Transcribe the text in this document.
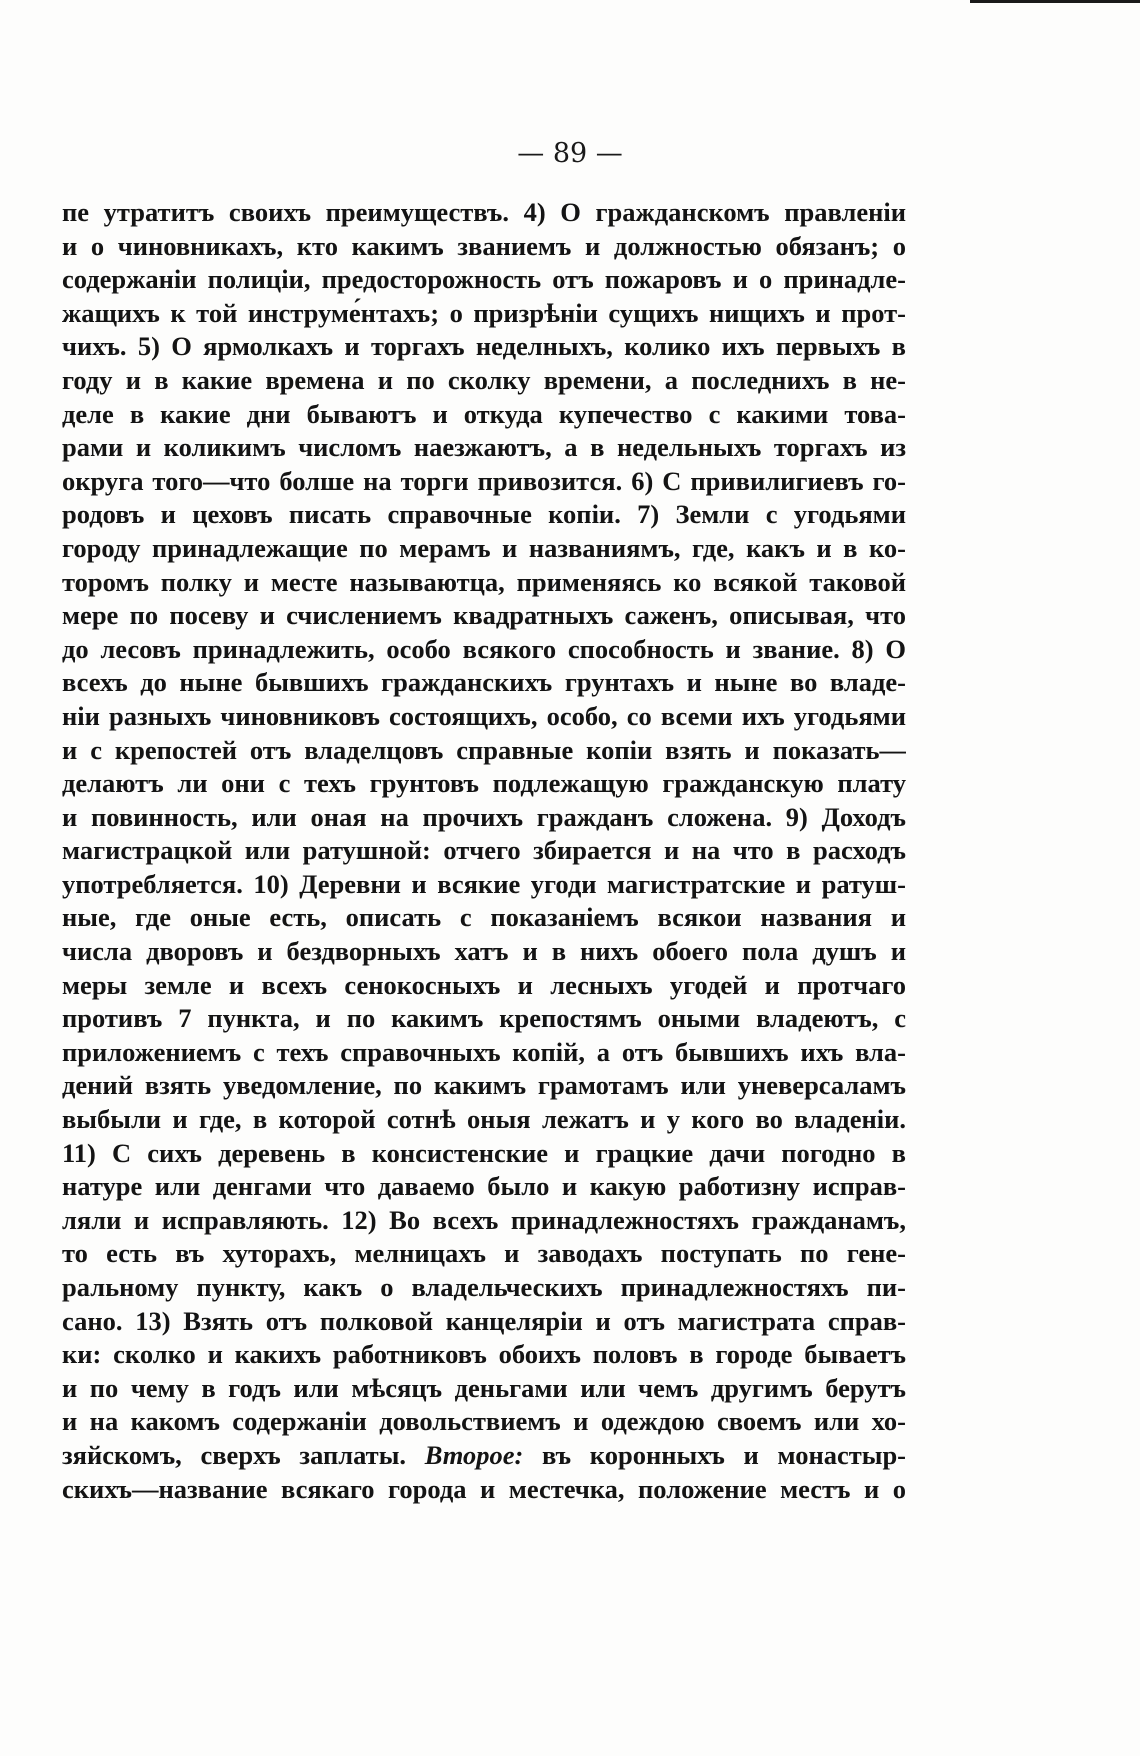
— 89 —
пе утратитъ своихъ преимуществъ. 4) О гражданскомъ правленіи
и о чиновникахъ, кто какимъ званиемъ и должностью обязанъ; о
содержаніи полиціи, предосторожность отъ пожаровъ и о принадле-
жащихъ к той инструме́нтахъ; о призрѣніи сущихъ нищихъ и прот-
чихъ. 5) О ярмолкахъ и торгахъ неделныхъ, колико ихъ первыхъ в
году и в какие времена и по сколку времени, а последнихъ в не-
деле в какие дни бываютъ и откуда купечество с какими това-
рами и коликимъ числомъ наезжаютъ, а в недельныхъ торгахъ из
округа того—что болше на торги привозится. 6) С привилигиевъ го-
родовъ и цеховъ писать справочные копіи. 7) Земли с угодьями
городу принадлежащие по мерамъ и названиямъ, где, какъ и в ко-
торомъ полку и месте называютца, применяясь ко всякой таковой
мере по посеву и счислениемъ квадратныхъ саженъ, описывая, что
до лесовъ принадлежить, особо всякого способность и звание. 8) О
всехъ до ныне бывшихъ гражданскихъ грунтахъ и ныне во владе-
ніи разныхъ чиновниковъ состоящихъ, особо, со всеми ихъ угодьями
и с крепостей отъ владелцовъ справные копіи взять и показать—
делаютъ ли они с техъ грунтовъ подлежащую гражданскую плату
и повинность, или оная на прочихъ гражданъ сложена. 9) Доходъ
магистрацкой или ратушной: отчего збирается и на что в расходъ
употребляется. 10) Деревни и всякие угоди магистратские и ратуш-
ные, где оные есть, описать с показаніемъ всякои названия и
числа дворовъ и бездворныхъ хатъ и в нихъ обоего пола душъ и
меры земле и всехъ сенокосныхъ и лесныхъ угодей и протчаго
противъ 7 пункта, и по какимъ крепостямъ оными владеютъ, с
приложениемъ с техъ справочныхъ копій, а отъ бывшихъ ихъ вла-
дений взять уведомление, по какимъ грамотамъ или уневерсаламъ
выбыли и где, в которой сотнѣ оныя лежатъ и у кого во владеніи.
11) С сихъ деревень в консистенские и грацкие дачи погодно в
натуре или денгами что даваемо было и какую работизну исправ-
ляли и исправляють. 12) Во всехъ принадлежностяхъ гражданамъ,
то есть въ хуторахъ, мелницахъ и заводахъ поступать по гене-
ральному пункту, какъ о владельческихъ принадлежностяхъ пи-
сано. 13) Взять отъ полковой канцеляріи и отъ магистрата справ-
ки: сколко и какихъ работниковъ обоихъ половъ в городе бываетъ
и по чему в годъ или мѣсяцъ деньгами или чемъ другимъ берутъ
и на какомъ содержаніи довольствиемъ и одеждою своемъ или хо-
зяйскомъ, сверхъ заплаты. Второе: въ коронныхъ и монастыр-
скихъ—название всякаго города и местечка, положение местъ и о
